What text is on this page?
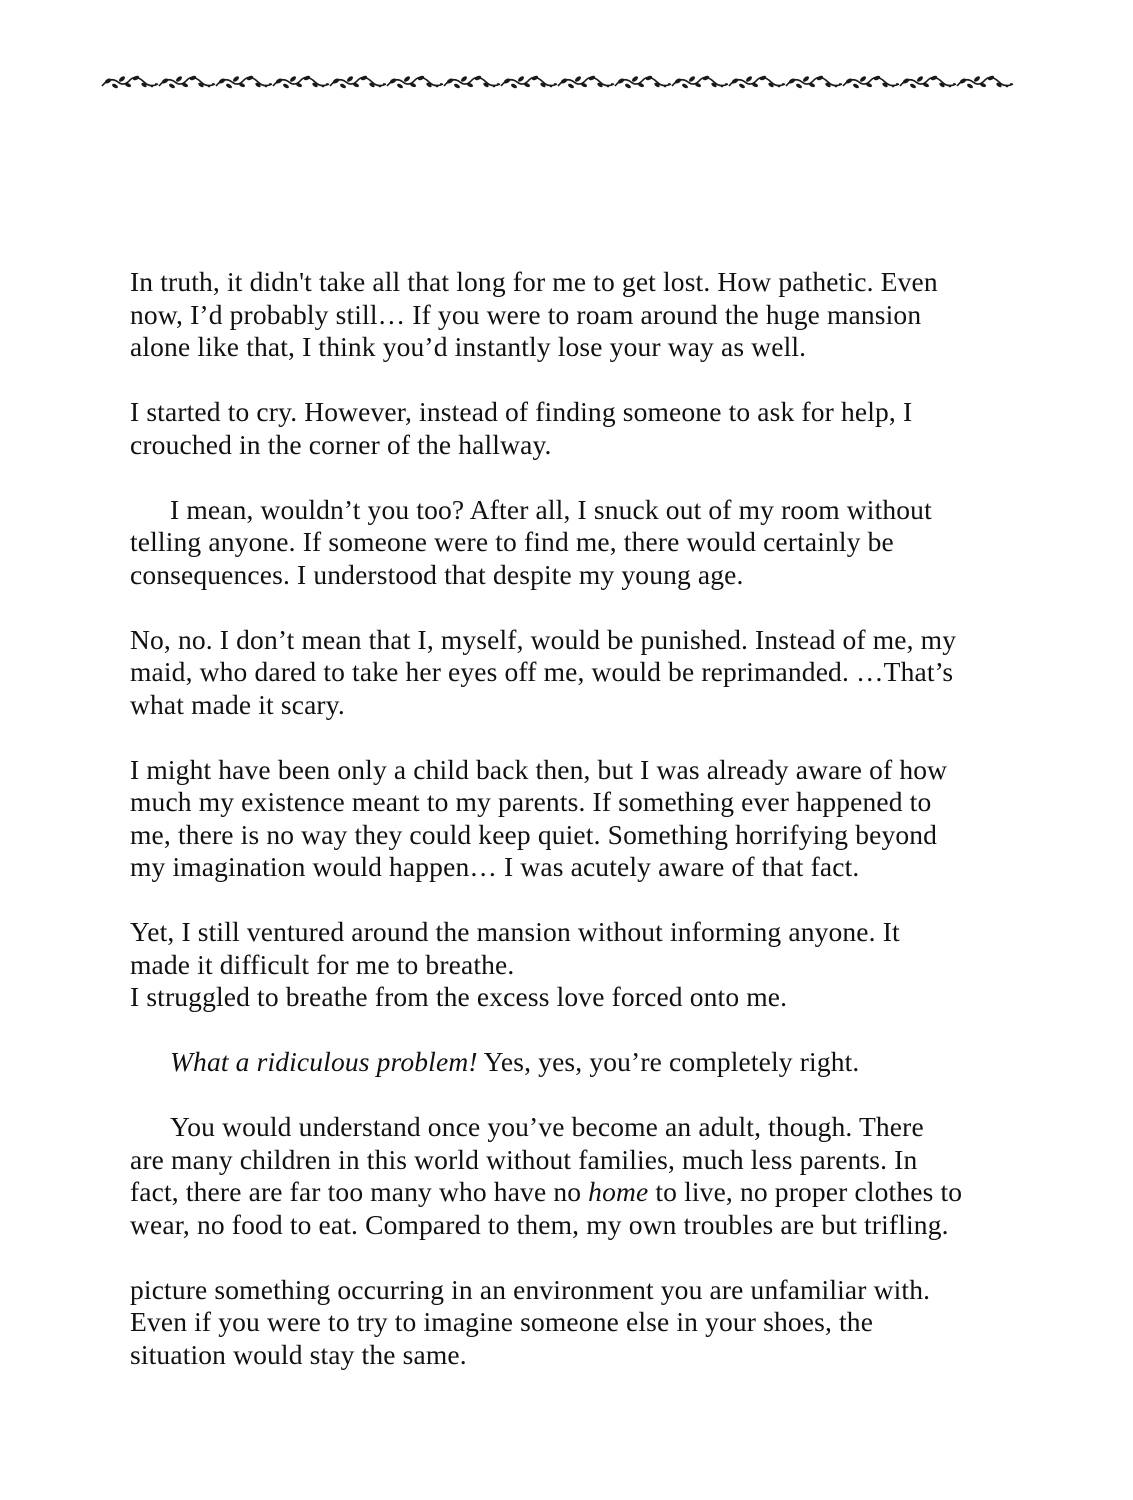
In truth, it didn't take all that long for me to get lost. How pathetic. Even
now, I’d probably still… If you were to roam around the huge mansion
alone like that, I think you’d instantly lose your way as well.

I started to cry. However, instead of finding someone to ask for help, I
crouched in the corner of the hallway.

I mean, wouldn’t you too? After all, I snuck out of my room without
telling anyone. If someone were to find me, there would certainly be
consequences. I understood that despite my young age.

No, no. I don’t mean that I, myself, would be punished. Instead of me, my
maid, who dared to take her eyes off me, would be reprimanded. …That’s
what made it scary.

I might have been only a child back then, but I was already aware of how
much my existence meant to my parents. If something ever happened to
me, there is no way they could keep quiet. Something horrifying beyond
my imagination would happen… I was acutely aware of that fact.

Yet, I still ventured around the mansion without informing anyone. It
made it difficult for me to breathe.
I struggled to breathe from the excess love forced onto me.

What a ridiculous problem! Yes, yes, you’re completely right.

You would understand once you’ve become an adult, though. There
are many children in this world without families, much less parents. In
fact, there are far too many who have no home to live, no proper clothes to
wear, no food to eat. Compared to them, my own troubles are but trifling.

picture something occurring in an environment you are unfamiliar with.
Even if you were to try to imagine someone else in your shoes, the
situation would stay the same.
